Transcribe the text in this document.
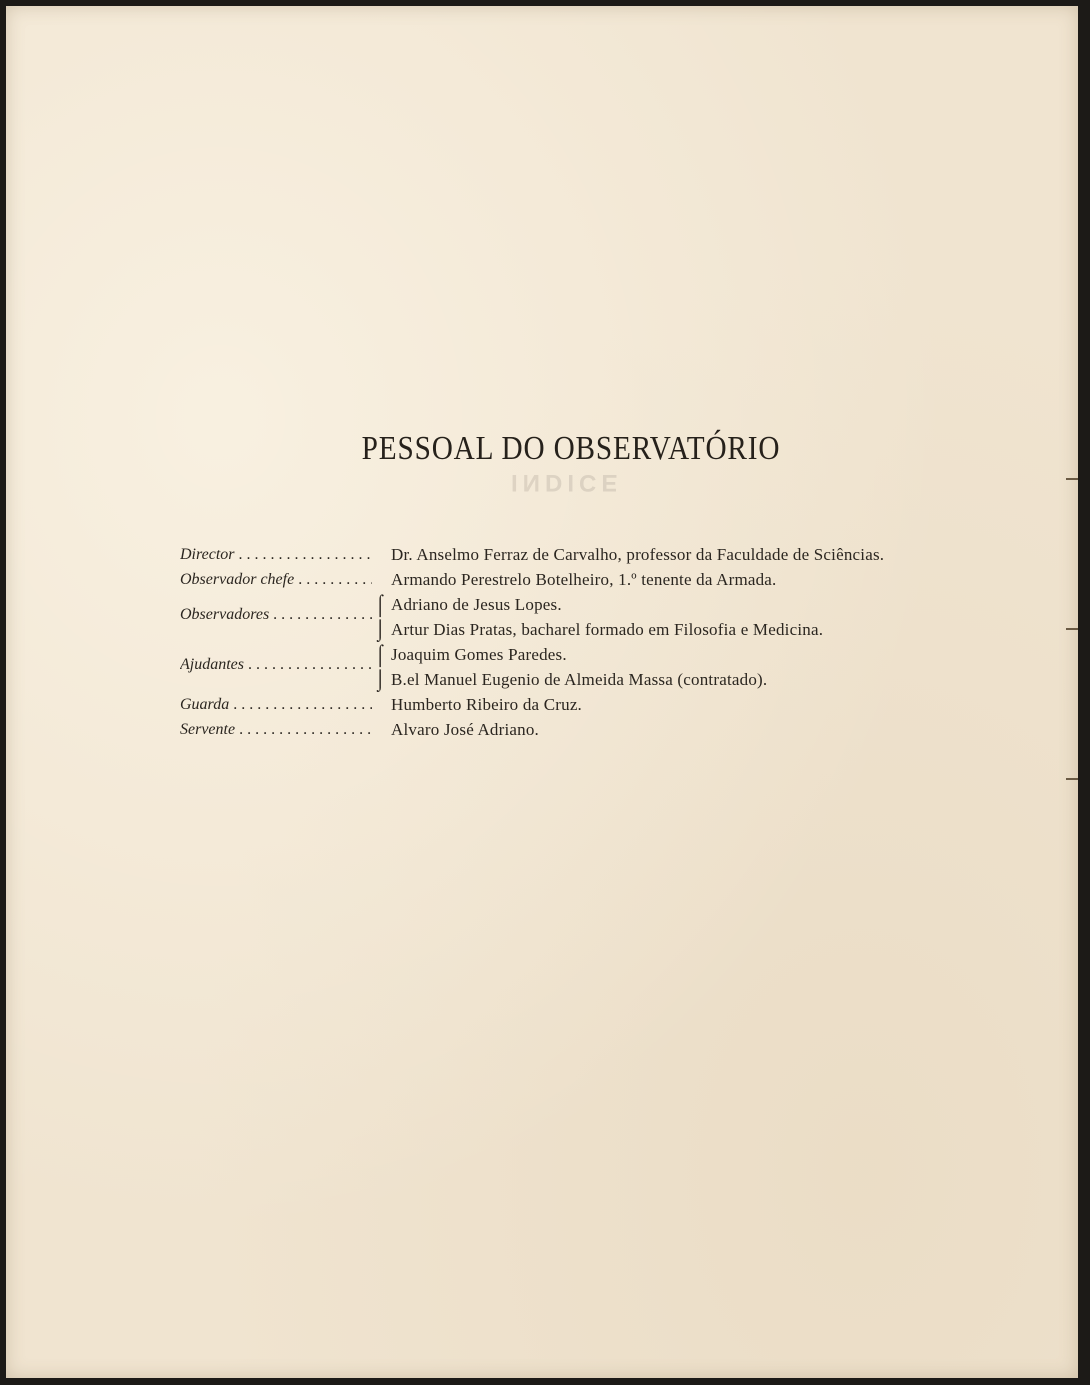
PESSOAL DO OBSERVATÓRIO
INDICE
Director . . .	Dr. Anselmo Ferraz de Carvalho, professor da Faculdade de Sciências.
Observador chefe . . .	Armando Perestrelo Botelheiro, 1.º tenente da Armada.
Observadores . . .	⌠ Adriano de Jesus Lopes.
⌡ Artur Dias Pratas, bacharel formado em Filosofia e Medicina.
Ajudantes . . .	⌠ Joaquim Gomes Paredes.
⌡ B.el Manuel Eugenio de Almeida Massa (contratado).
Guarda . . .	Humberto Ribeiro da Cruz.
Servente . . .	Alvaro José Adriano.
